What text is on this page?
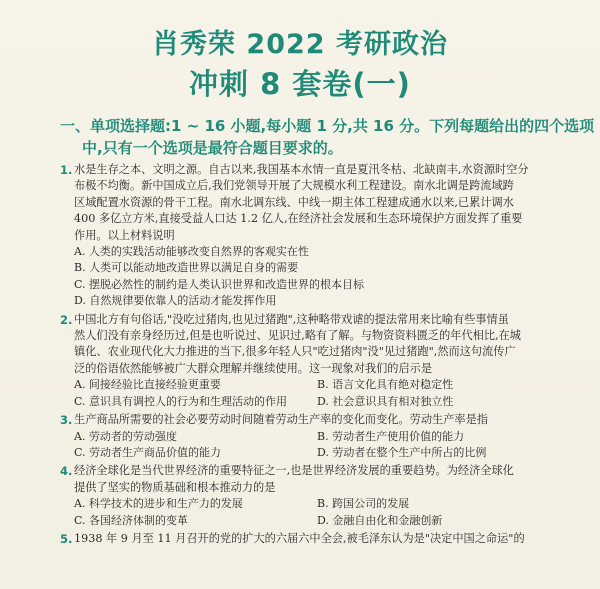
肖秀荣 2022 考研政治
冲刺 8 套卷(一)
一、单项选择题:1 ~ 16 小题,每小题 1 分,共 16 分。下列每题给出的四个选项
中,只有一个选项是最符合题目要求的。
1. 水是生存之本、文明之源。自古以来,我国基本水情一直是夏汛冬枯、北缺南丰,水资源时空分
布极不均衡。新中国成立后,我们党领导开展了大规模水利工程建设。南水北调是跨流域跨
区域配置水资源的骨干工程。南水北调东线、中线一期主体工程建成通水以来,已累计调水
400 多亿立方米,直接受益人口达 1.2 亿人,在经济社会发展和生态环境保护方面发挥了重要
作用。以上材料说明
A. 人类的实践活动能够改变自然界的客观实在性
B. 人类可以能动地改造世界以满足自身的需要
C. 摆脱必然性的制约是人类认识世界和改造世界的根本目标
D. 自然规律要依靠人的活动才能发挥作用
2. 中国北方有句俗话,"没吃过猪肉,也见过猪跑",这种略带戏谑的提法常用来比喻有些事情虽
然人们没有亲身经历过,但是也听说过、见识过,略有了解。与物资资料匮乏的年代相比,在城
镇化、农业现代化大力推进的当下,很多年轻人只"吃过猪肉"没"见过猪跑",然而这句流传广
泛的俗语依然能够被广大群众理解并继续使用。这一现象对我们的启示是
A. 间接经验比直接经验更重要	B. 语言文化具有绝对稳定性
C. 意识具有调控人的行为和生理活动的作用	D. 社会意识具有相对独立性
3. 生产商品所需要的社会必要劳动时间随着劳动生产率的变化而变化。劳动生产率是指
A. 劳动者的劳动强度	B. 劳动者生产使用价值的能力
C. 劳动者生产商品价值的能力	D. 劳动者在整个生产中所占的比例
4. 经济全球化是当代世界经济的重要特征之一,也是世界经济发展的重要趋势。为经济全球化
提供了坚实的物质基础和根本推动力的是
A. 科学技术的进步和生产力的发展	B. 跨国公司的发展
C. 各国经济体制的变革	D. 金融自由化和金融创新
5. 1938 年 9 月至 11 月召开的党的扩大的六届六中全会,被毛泽东认为是"决定中国之命运"的
